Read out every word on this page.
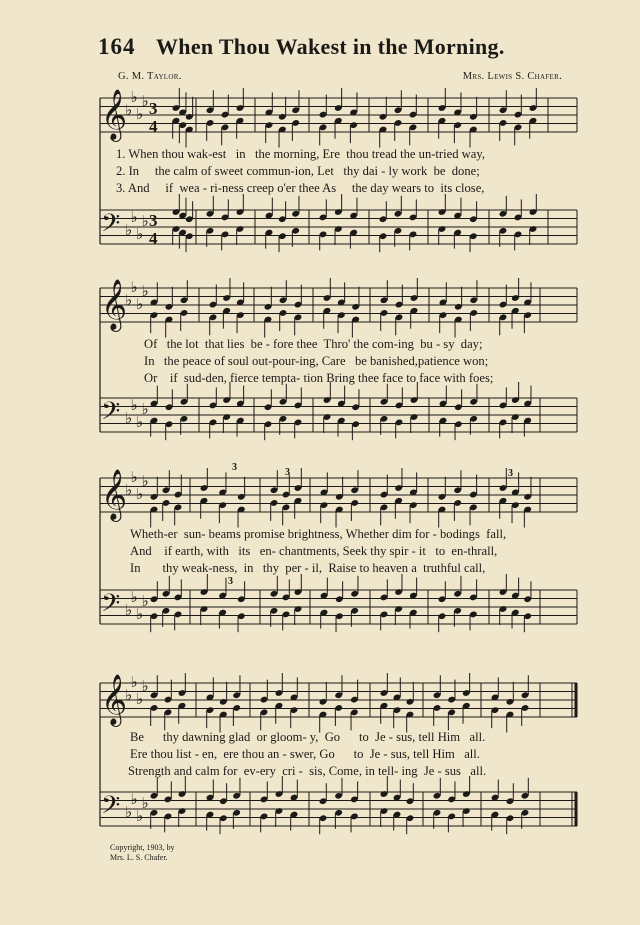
164 When Thou Wakest in the Morning.
G. M. Taylor.	Mrs. Lewis S. Chafer.
𝄞
♭
♭
♭
♭ 3
4
𝄢 ♭
♭
♭
♭ 3
4
𝄞
♭
♭
♭
♭
𝄢 ♭
♭
♭
♭
𝄞
♭
♭
♭
♭
𝄢 ♭
♭
♭
♭
𝄞
♭
♭
♭
♭
𝄢 ♭
♭
♭
♭
3	3
3
3

1. When thou wak-est   in   the morning, Ere  thou tread the un-tried way,

2. In     the calm of sweet commun-ion, Let   thy dai - ly work  be  done;

3. And     if  wea - ri-ness creep o'er thee As     the day wears to  its close,

Of   the lot  that lies  be - fore thee  Thro' the com-ing  bu - sy  day;

In   the peace of soul out-pour-ing, Care   be banished,patience won;

Or    if  sud-den, fierce tempta- tion Bring thee face to face with foes;

Wheth-er  sun- beams promise brightness, Whether dim for - bodings  fall,

And    if earth, with   its   en- chantments, Seek thy spir - it   to  en-thrall,

In       thy weak-ness,  in   thy  per - il,  Raise to heaven a  truthful call,

Be      thy dawning glad  or gloom- y,  Go      to  Je - sus, tell Him   all.

Ere thou list - en,  ere thou an - swer, Go      to  Je - sus, tell Him   all.

Strength and calm for  ev-ery  cri -  sis, Come, in tell- ing  Je - sus   all.

Copyright, 1903, by
Mrs. L. S. Chafer.
